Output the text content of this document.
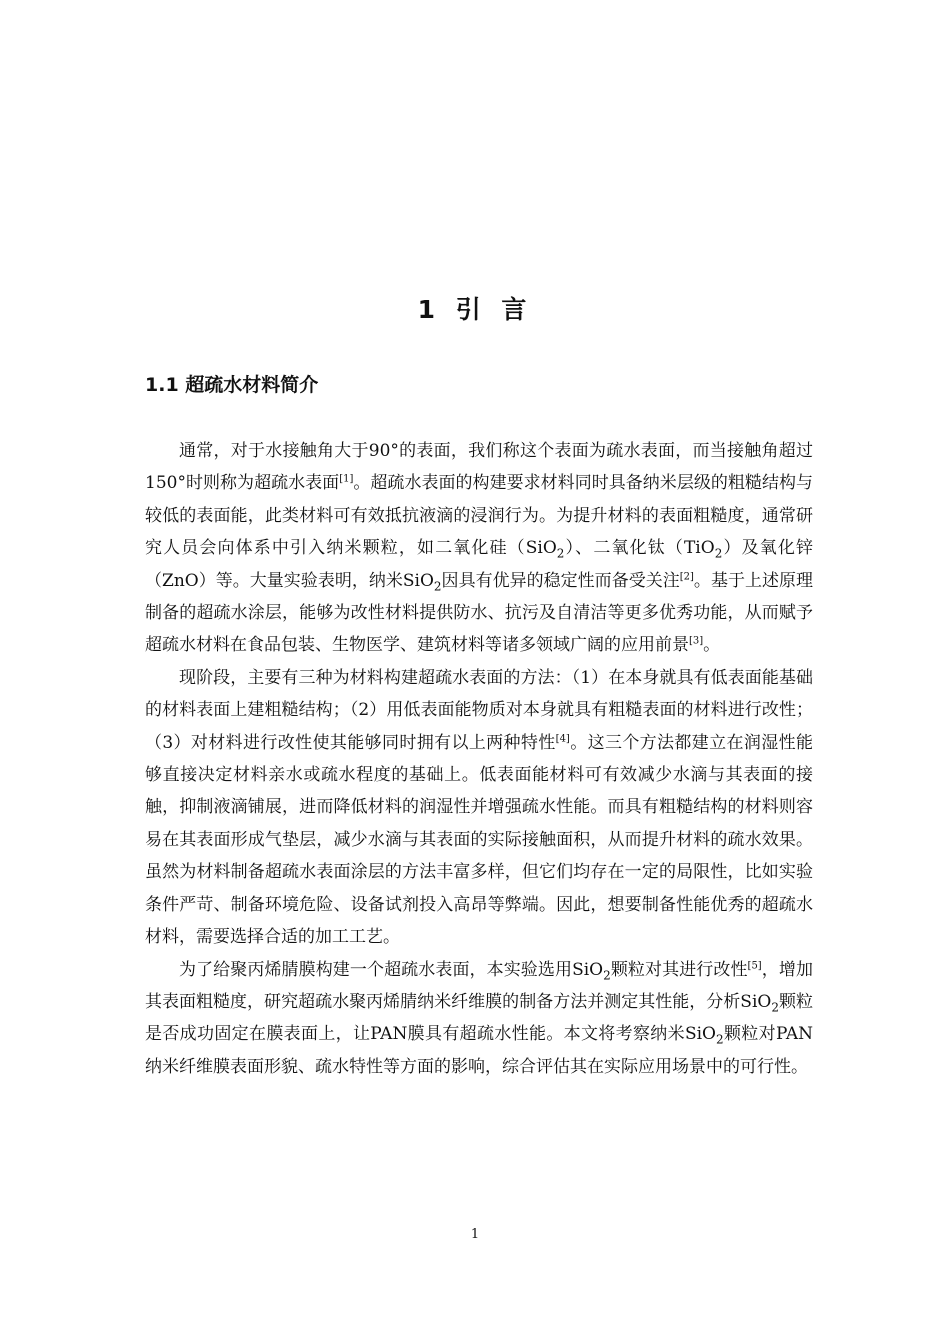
1 引 言
1.1 超疏水材料简介

通常，对于水接触角大于90°的表面，我们称这个表面为疏水表面，而当接触角超过150°时则称为超疏水表面[1]。超疏水表面的构建要求材料同时具备纳米层级的粗糙结构与较低的表面能，此类材料可有效抵抗液滴的浸润行为。为提升材料的表面粗糙度，通常研究人员会向体系中引入纳米颗粒，如二氧化硅（SiO$_2$）、二氧化钛（TiO$_2$）及氧化锌（ZnO）等。大量实验表明，纳米SiO$_2$因具有优异的稳定性而备受关注[2]。基于上述原理制备的超疏水涂层，能够为改性材料提供防水、抗污及自清洁等更多优秀功能，从而赋予超疏水材料在食品包装、生物医学、建筑材料等诸多领域广阔的应用前景[3]。

现阶段，主要有三种为材料构建超疏水表面的方法：（1）在本身就具有低表面能基础的材料表面上建粗糙结构；（2）用低表面能物质对本身就具有粗糙表面的材料进行改性；（3）对材料进行改性使其能够同时拥有以上两种特性[4]。这三个方法都建立在润湿性能够直接决定材料亲水或疏水程度的基础上。低表面能材料可有效减少水滴与其表面的接触，抑制液滴铺展，进而降低材料的润湿性并增强疏水性能。而具有粗糙结构的材料则容易在其表面形成气垫层，减少水滴与其表面的实际接触面积，从而提升材料的疏水效果。虽然为材料制备超疏水表面涂层的方法丰富多样，但它们均存在一定的局限性，比如实验条件严苛、制备环境危险、设备试剂投入高昂等弊端。因此，想要制备性能优秀的超疏水材料，需要选择合适的加工工艺。

为了给聚丙烯腈膜构建一个超疏水表面，本实验选用SiO$_2$颗粒对其进行改性[5]，增加其表面粗糙度，研究超疏水聚丙烯腈纳米纤维膜的制备方法并测定其性能，分析SiO$_2$颗粒是否成功固定在膜表面上，让PAN膜具有超疏水性能。本文将考察纳米SiO$_2$颗粒对PAN纳米纤维膜表面形貌、疏水特性等方面的影响，综合评估其在实际应用场景中的可行性。

1
